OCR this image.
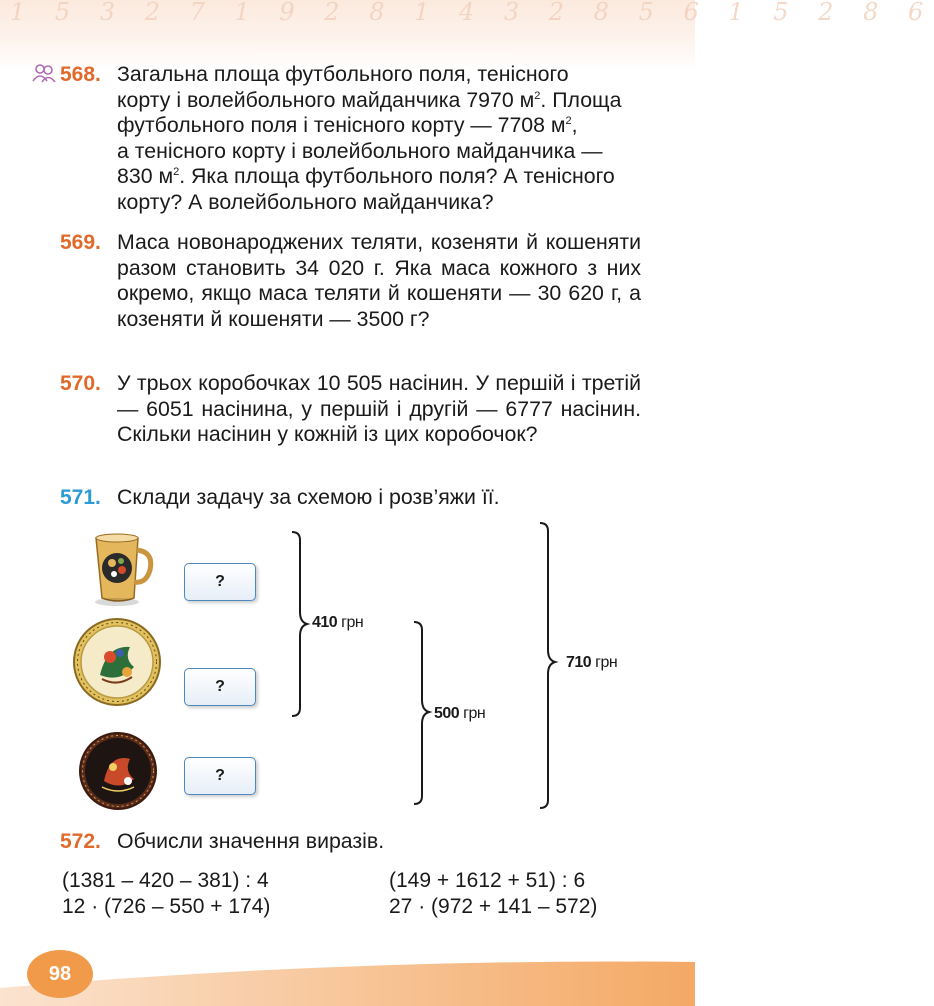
1 5 3 2 7 1 9 2 8 1 4 3 2 8 5 6 1 5 2 8 6
568. Загальна площа футбольного поля, тенісного
корту і волейбольного майданчика 7970 $м^2$. Площа
футбольного поля і тенісного корту — 7708 $м^2$,
а тенісного корту і волейбольного майданчика —
830 $м^2$. Яка площа футбольного поля? А тенісного
корту? А волейбольного майданчика?
569. Маса новонароджених теляти, козеняти й кошеняти разом становить 34 020 г. Яка маса кожного з них окремо, якщо маса теляти й кошеняти — 30 620 г, а козеняти й кошеняти — 3500 г?
570. У трьох коробочках 10 505 насінин. У першій і третій — 6051 насінина, у першій і другій — 6777 насінин. Скільки насінин у кожній із цих коробочок?
571. Склади задачу за схемою і розв’яжи її.
?
?
?
410 грн
500 грн
710 грн
572. Обчисли значення виразів.
(1381 – 420 – 381) : 4
12 · (726 – 550 + 174)
(149 + 1612 + 51) : 6
27 · (972 + 141 – 572)
98
